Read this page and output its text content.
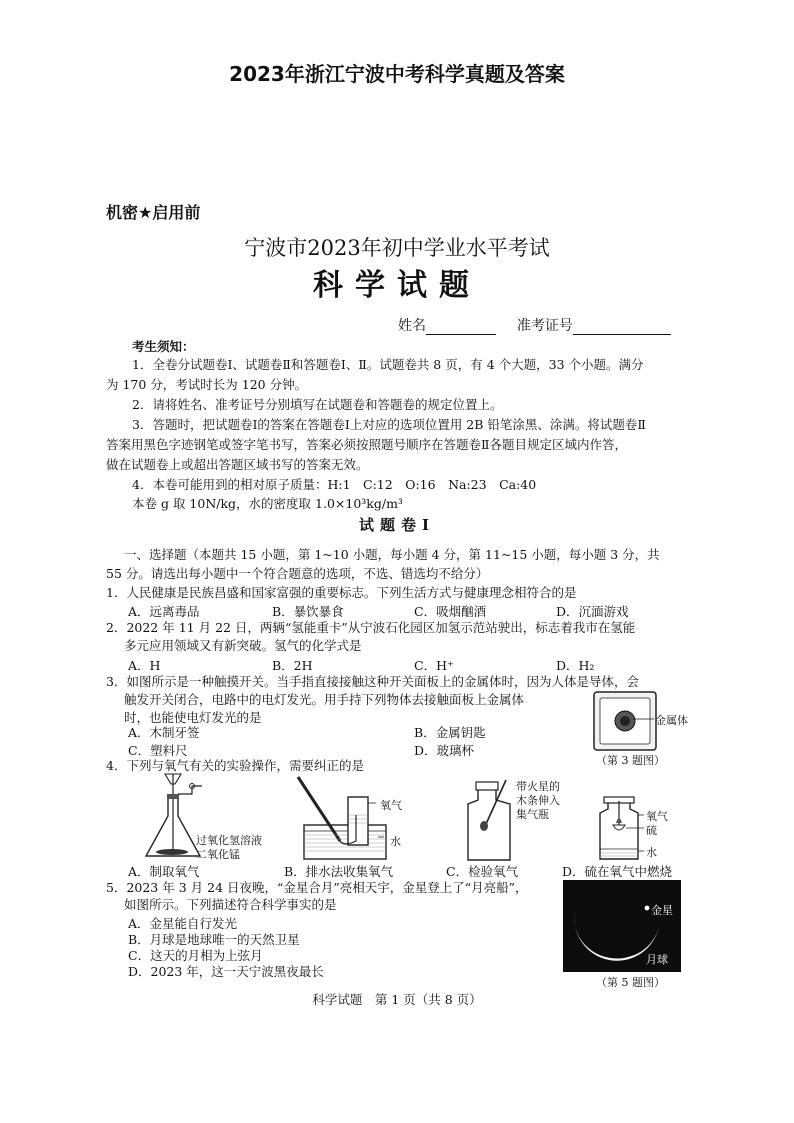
2023年浙江宁波中考科学真题及答案
机密★启用前
宁波市2023年初中学业水平考试
科学试题
姓名	准考证号
考生须知：
1．全卷分试题卷Ⅰ、试题卷Ⅱ和答题卷Ⅰ、Ⅱ。试题卷共 8 页，有 4 个大题，33 个小题。满分
为 170 分，考试时长为 120 分钟。
2．请将姓名、准考证号分别填写在试题卷和答题卷的规定位置上。
3．答题时，把试题卷Ⅰ的答案在答题卷Ⅰ上对应的选项位置用 2B 铅笔涂黑、涂满。将试题卷Ⅱ
答案用黑色字迹钢笔或签字笔书写，答案必须按照题号顺序在答题卷Ⅱ各题目规定区域内作答，
做在试题卷上或超出答题区域书写的答案无效。
4．本卷可能用到的相对原子质量：H:1　C:12　O:16　Na:23　Ca:40
本卷 g 取 10N/kg，水的密度取 1.0×10³kg/m³
试题卷Ⅰ
一、选择题（本题共 15 小题，第 1~10 小题，每小题 4 分，第 11~15 小题，每小题 3 分，共
55 分。请选出每小题中一个符合题意的选项，不选、错选均不给分）
1．人民健康是民族昌盛和国家富强的重要标志。下列生活方式与健康理念相符合的是
A．远离毒品	B．暴饮暴食	C．吸烟酗酒	D．沉湎游戏
2．2022 年 11 月 22 日，两辆“氢能重卡”从宁波石化园区加氢示范站驶出，标志着我市在氢能
多元应用领域又有新突破。氢气的化学式是
A．H	B．2H	C．H⁺	D．H₂
3．如图所示是一种触摸开关。当手指直接接触这种开关面板上的金属体时，因为人体是导体，会
触发开关闭合，电路中的电灯发光。用手持下列物体去接触面板上金属体
时，也能使电灯发光的是
A．木制牙签	B．金属钥匙
C．塑料尺	D．玻璃杯
金属体
（第 3 题图）
4．下列与氧气有关的实验操作，需要纠正的是
过氧化氢溶液
二氧化锰
氧气
水
带火星的
木条伸入
集气瓶	氧气
硫
水
A．制取氧气	B．排水法收集氧气	C．检验氧气	D．硫在氧气中燃烧
5．2023 年 3 月 24 日夜晚，“金星合月”亮相天宇，金星登上了“月亮船”，
如图所示。下列描述符合科学事实的是
A．金星能自行发光
B．月球是地球唯一的天然卫星
C．这天的月相为上弦月
D．2023 年，这一天宁波黑夜最长
金星
月球
（第 5 题图）
科学试题　第 1 页（共 8 页）
